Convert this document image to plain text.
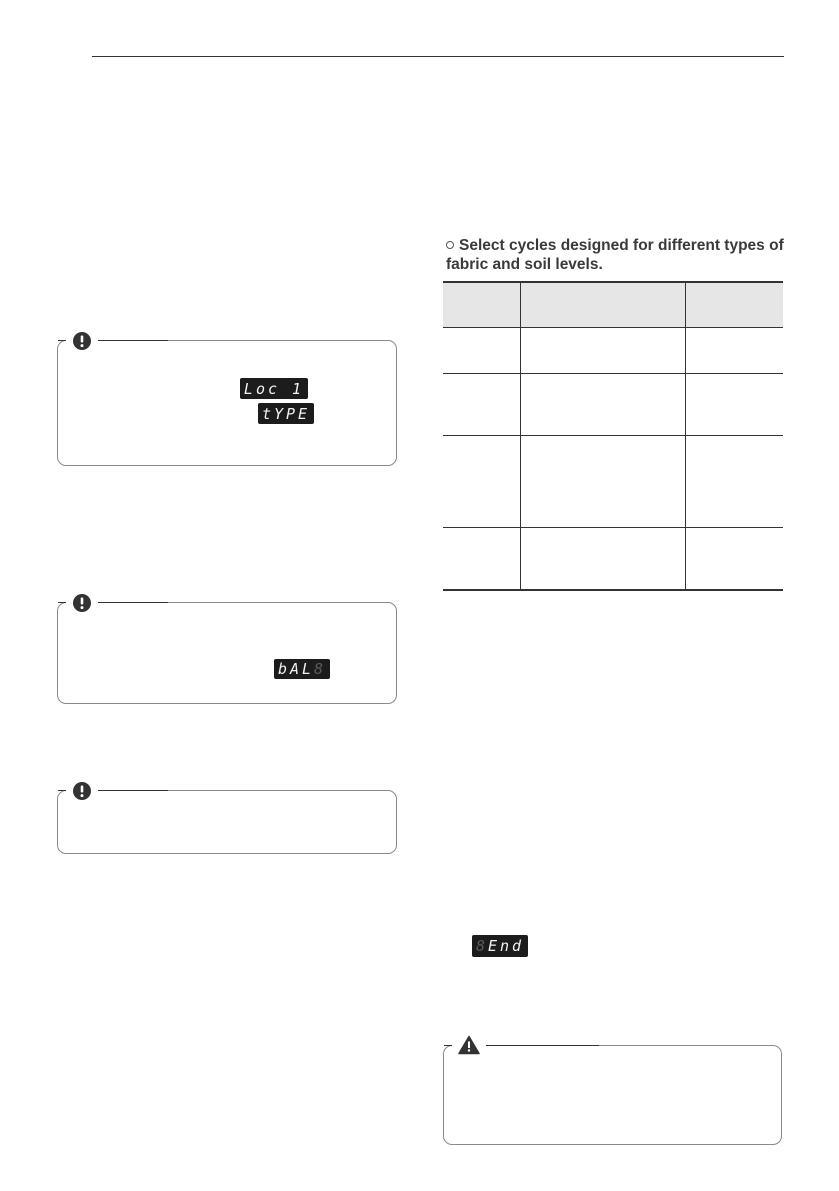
Loc 1
tYPE
bAL 8
Select cycles designed for different types of
fabric and soil levels.

8 End
